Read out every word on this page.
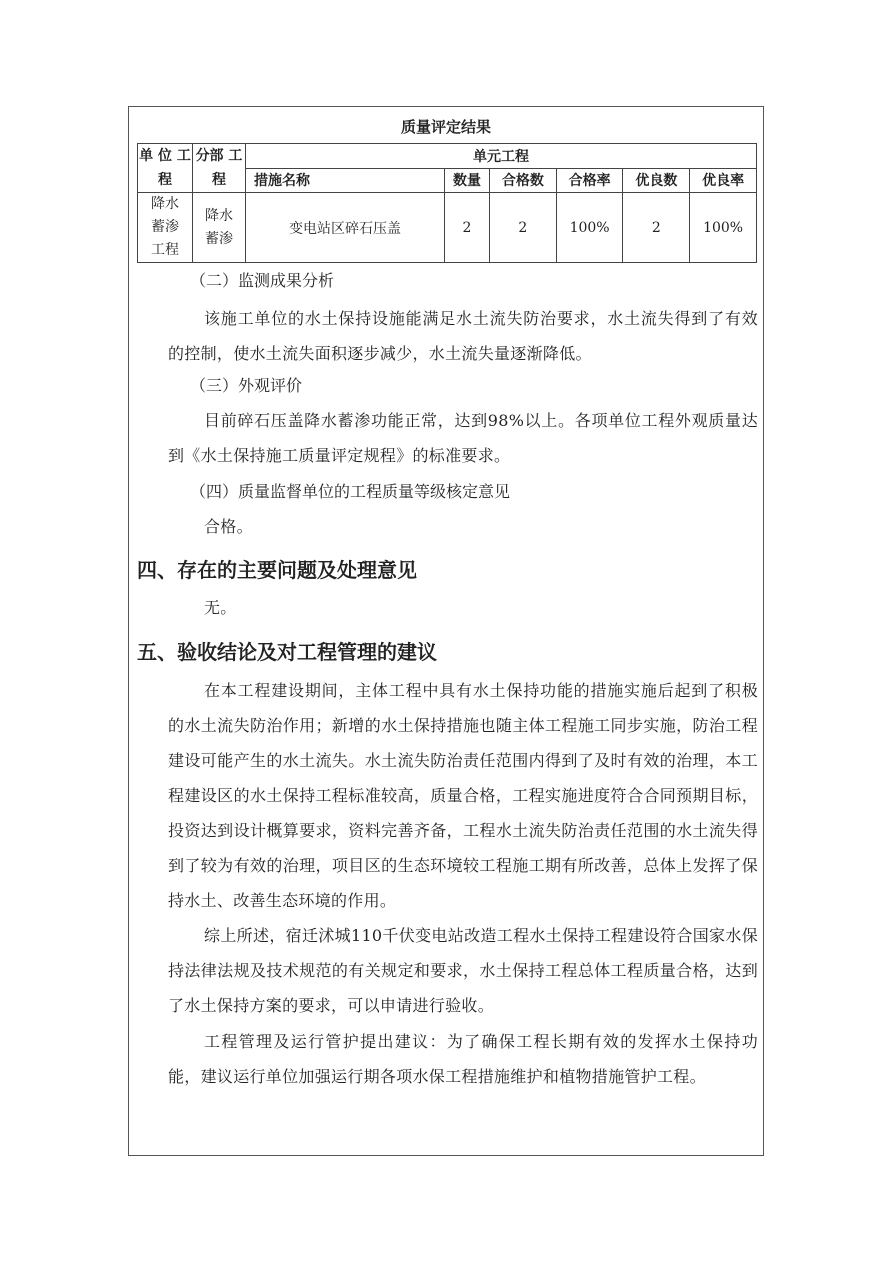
质量评定结果
单 位 工程	分部 工程	单元工程					
		措施名称	数量	合格数	合格率	优良数	优良率
降水蓄渗工程	降水蓄渗	变电站区碎石压盖	2	2	100%	2	100%
（二）监测成果分析
该施工单位的水土保持设施能满足水土流失防治要求，水土流失得到了有效的控制，使水土流失面积逐步减少，水土流失量逐渐降低。
（三）外观评价
目前碎石压盖降水蓄渗功能正常，达到98%以上。各项单位工程外观质量达到《水土保持施工质量评定规程》的标准要求。
（四）质量监督单位的工程质量等级核定意见
合格。
四、存在的主要问题及处理意见
无。
五、验收结论及对工程管理的建议
在本工程建设期间，主体工程中具有水土保持功能的措施实施后起到了积极的水土流失防治作用；新增的水土保持措施也随主体工程施工同步实施，防治工程建设可能产生的水土流失。水土流失防治责任范围内得到了及时有效的治理，本工程建设区的水土保持工程标准较高，质量合格，工程实施进度符合合同预期目标，投资达到设计概算要求，资料完善齐备，工程水土流失防治责任范围的水土流失得到了较为有效的治理，项目区的生态环境较工程施工期有所改善，总体上发挥了保持水土、改善生态环境的作用。
综上所述，宿迁沭城110千伏变电站改造工程水土保持工程建设符合国家水保持法律法规及技术规范的有关规定和要求，水土保持工程总体工程质量合格，达到了水土保持方案的要求，可以申请进行验收。
工程管理及运行管护提出建议：为了确保工程长期有效的发挥水土保持功能，建议运行单位加强运行期各项水保工程措施维护和植物措施管护工程。
